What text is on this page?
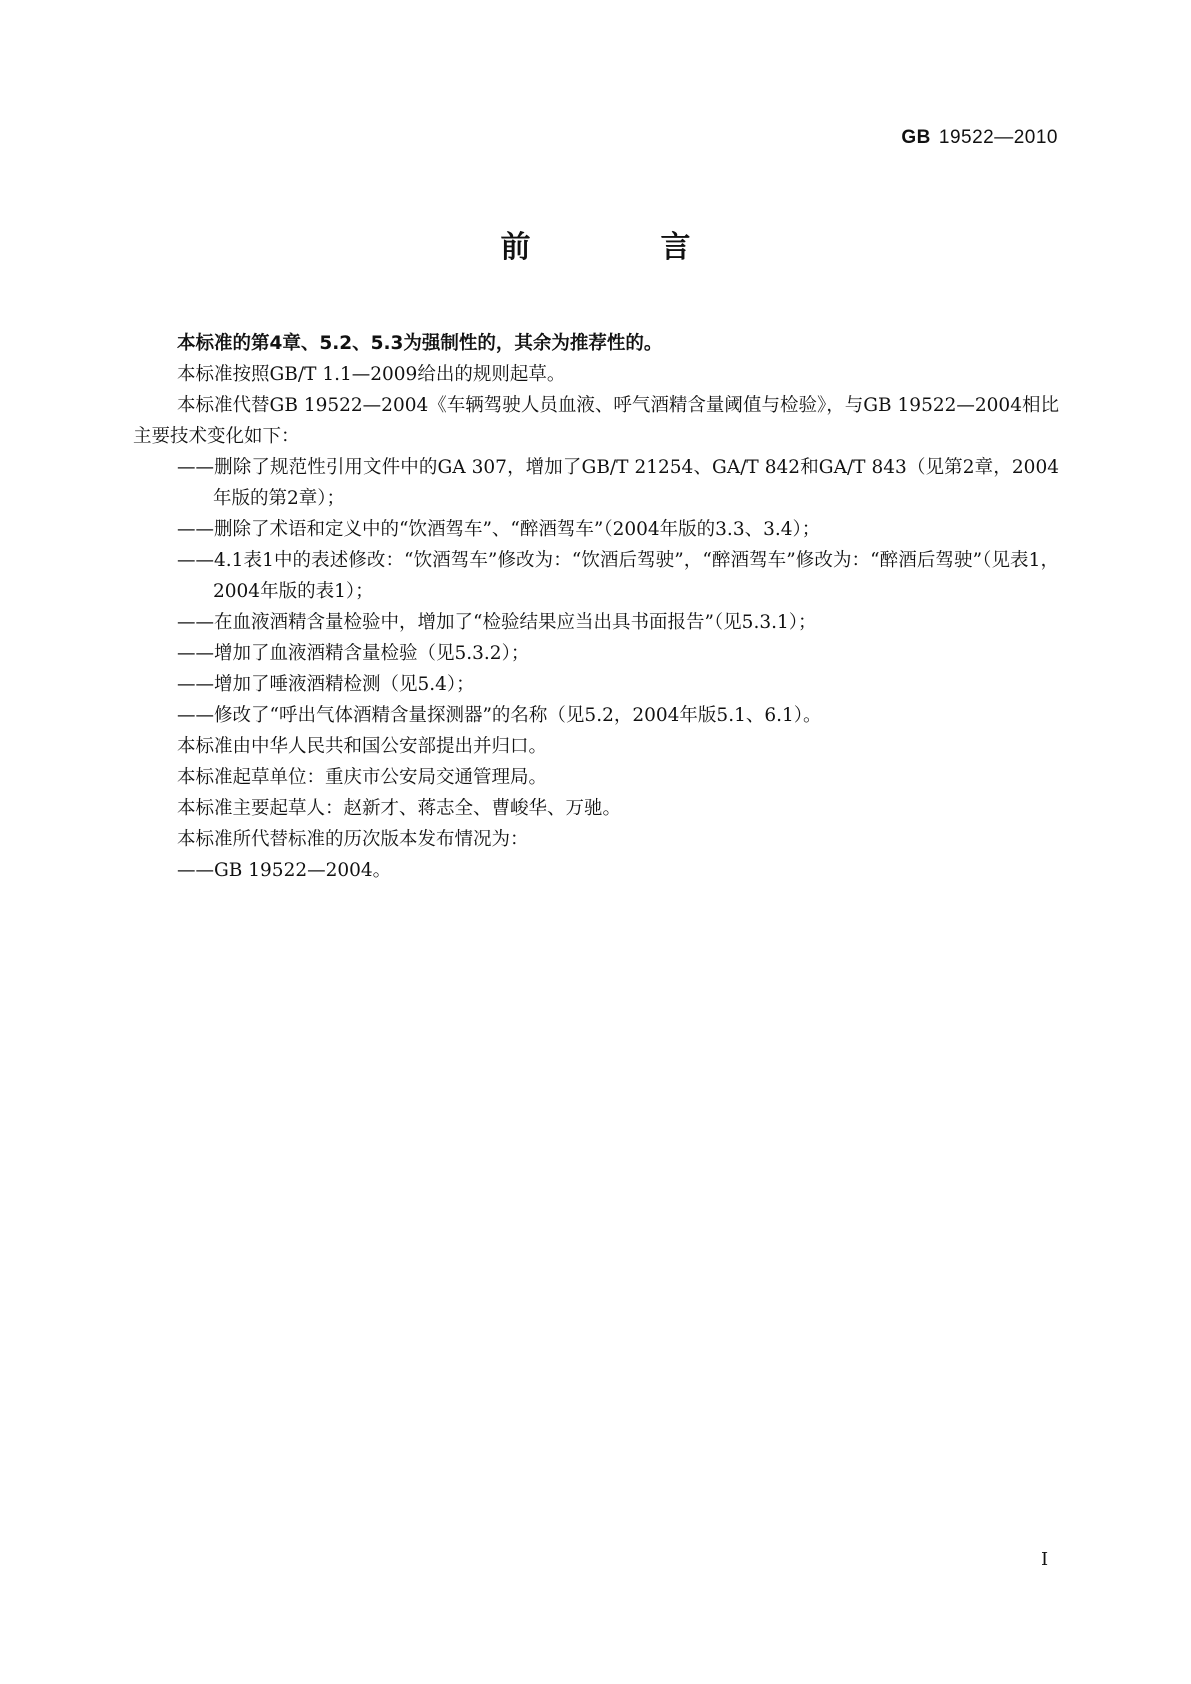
GB 19522—2010
前　言

本标准的第4章、5.2、5.3为强制性的，其余为推荐性的。

本标准按照GB/T 1.1—2009给出的规则起草。

本标准代替GB 19522—2004《车辆驾驶人员血液、呼气酒精含量阈值与检验》，与GB 19522—2004相比主要技术变化如下：

——删除了规范性引用文件中的GA 307，增加了GB/T 21254、GA/T 842和GA/T 843（见第2章，2004年版的第2章）；

——删除了术语和定义中的“饮酒驾车”、“醉酒驾车”（2004年版的3.3、3.4）；

——4.1表1中的表述修改：“饮酒驾车”修改为：“饮酒后驾驶”，“醉酒驾车”修改为：“醉酒后驾驶”（见表1，2004年版的表1）；

——在血液酒精含量检验中，增加了“检验结果应当出具书面报告”（见5.3.1）；

——增加了血液酒精含量检验（见5.3.2）；

——增加了唾液酒精检测（见5.4）；

——修改了“呼出气体酒精含量探测器”的名称（见5.2，2004年版5.1、6.1）。

本标准由中华人民共和国公安部提出并归口。

本标准起草单位：重庆市公安局交通管理局。

本标准主要起草人：赵新才、蒋志全、曹峻华、万驰。

本标准所代替标准的历次版本发布情况为：

——GB 19522—2004。

I
